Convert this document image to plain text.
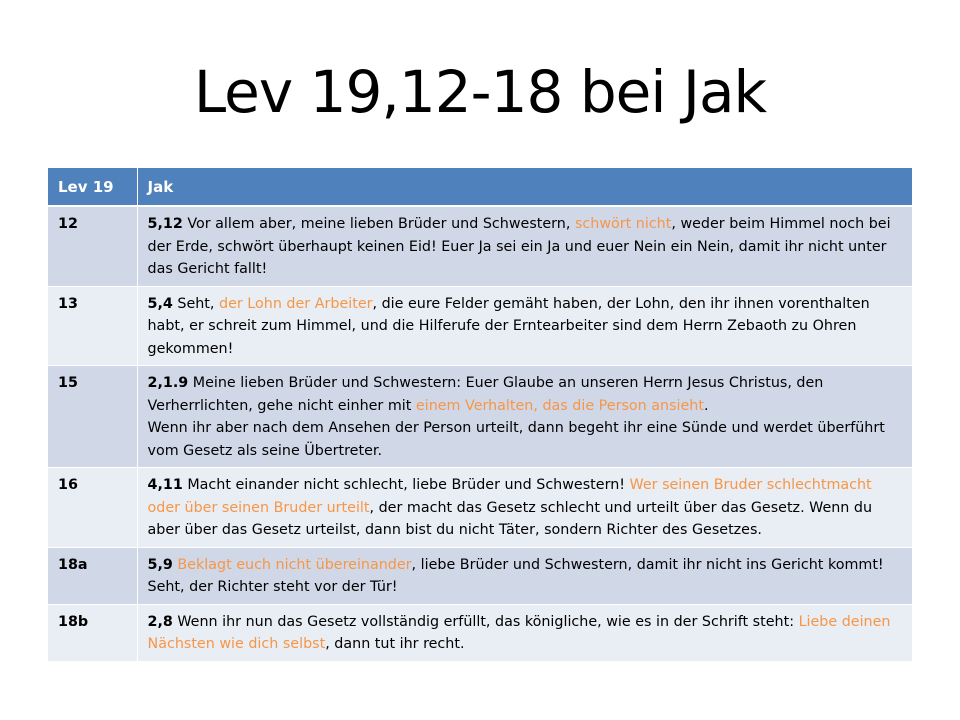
Lev 19,12-18 bei Jak
Lev 19	Jak
12	5,12 Vor allem aber, meine lieben Brüder und Schwestern, schwört nicht, weder beim Himmel noch bei der Erde, schwört überhaupt keinen Eid! Euer Ja sei ein Ja und euer Nein ein Nein, damit ihr nicht unter das Gericht fallt!
13	5,4 Seht, der Lohn der Arbeiter, die eure Felder gemäht haben, der Lohn, den ihr ihnen vorenthalten habt, er schreit zum Himmel, und die Hilferufe der Erntearbeiter sind dem Herrn Zebaoth zu Ohren gekommen!
15	2,1.9 Meine lieben Brüder und Schwestern: Euer Glaube an unseren Herrn Jesus Christus, den Verherrlichten, gehe nicht einher mit einem Verhalten, das die Person ansieht.
Wenn ihr aber nach dem Ansehen der Person urteilt, dann begeht ihr eine Sünde und werdet überführt vom Gesetz als seine Übertreter.

16	4,11 Macht einander nicht schlecht, liebe Brüder und Schwestern! Wer seinen Bruder schlechtmacht oder über seinen Bruder urteilt, der macht das Gesetz schlecht und urteilt über das Gesetz. Wenn du aber über das Gesetz urteilst, dann bist du nicht Täter, sondern Richter des Gesetzes.
18a	5,9 Beklagt euch nicht übereinander, liebe Brüder und Schwestern, damit ihr nicht ins Gericht kommt! Seht, der Richter steht vor der Tür!
18b	2,8 Wenn ihr nun das Gesetz vollständig erfüllt, das königliche, wie es in der Schrift steht: Liebe deinen Nächsten wie dich selbst, dann tut ihr recht.
